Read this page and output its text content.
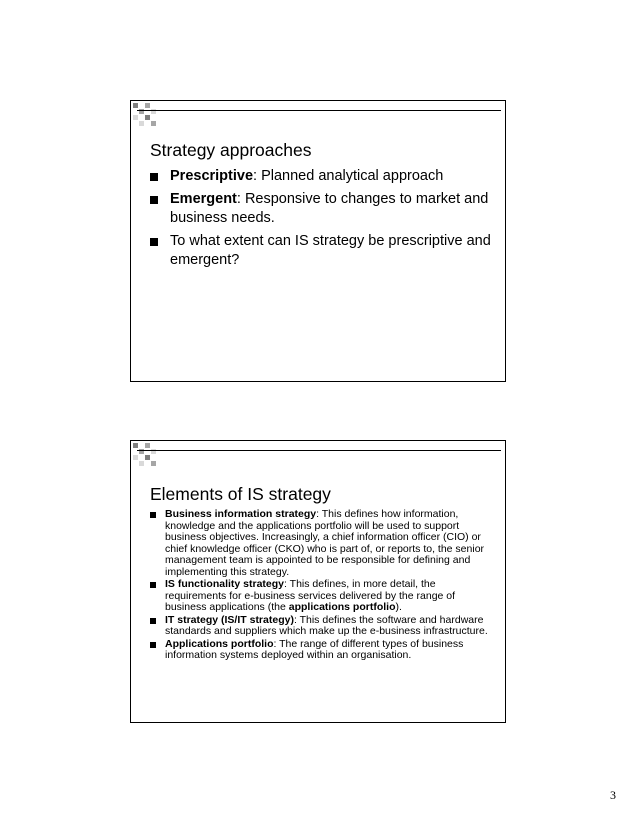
Strategy approaches
Prescriptive: Planned analytical approach
Emergent: Responsive to changes to market and business needs.
To what extent can IS strategy be prescriptive and emergent?
Elements of IS strategy
Business information strategy: This defines how information, knowledge and the applications portfolio will be used to support business objectives. Increasingly, a chief information officer (CIO) or chief knowledge officer (CKO) who is part of, or reports to, the senior management team is appointed to be responsible for defining and implementing this strategy.
IS functionality strategy: This defines, in more detail, the requirements for e-business services delivered by the range of business applications (the applications portfolio).
IT strategy (IS/IT strategy): This defines the software and hardware standards and suppliers which make up the e-business infrastructure.
Applications portfolio: The range of different types of business information systems deployed within an organisation.
3
